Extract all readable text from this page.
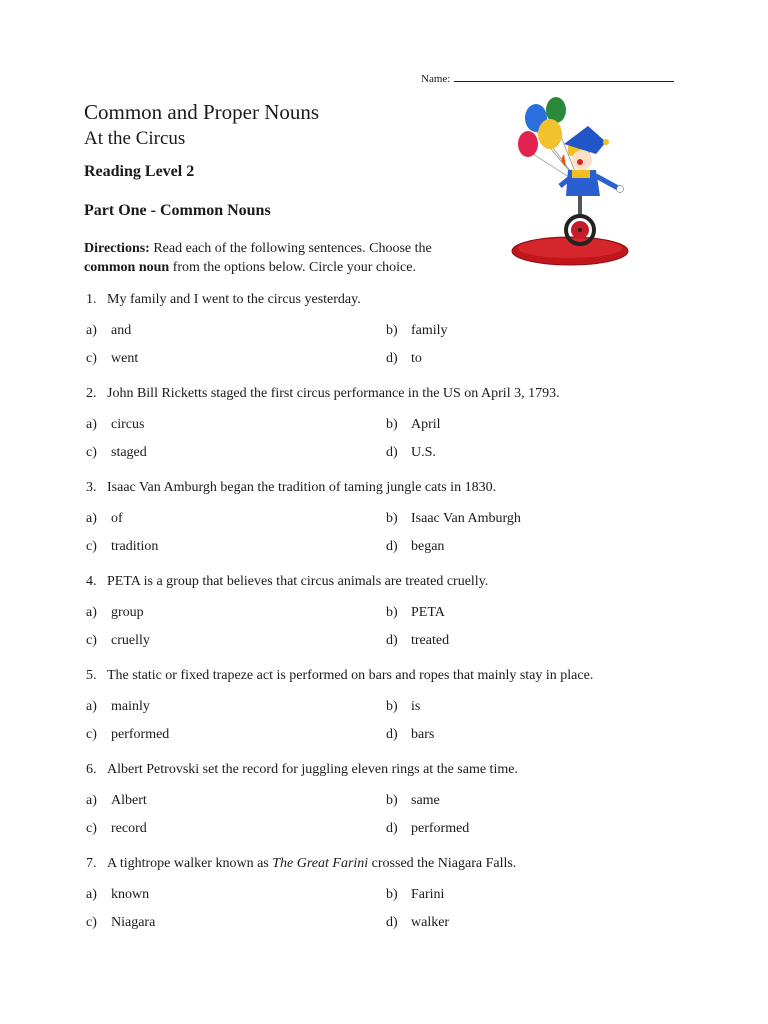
Name:
Common and Proper Nouns
At the Circus
Reading Level 2
Part One - Common Nouns
Directions: Read each of the following sentences. Choose the
common noun from the options below. Circle your choice.
1. My family and I went to the circus yesterday.
a) and	b) family
c) went	d) to
2. John Bill Ricketts staged the first circus performance in the US on April 3, 1793.
a) circus	b) April
c) staged	d) U.S.
3. Isaac Van Amburgh began the tradition of taming jungle cats in 1830.
a) of	b) Isaac Van Amburgh
c) tradition	d) began
4. PETA is a group that believes that circus animals are treated cruelly.
a) group	b) PETA
c) cruelly	d) treated
5. The static or fixed trapeze act is performed on bars and ropes that mainly stay in place.
a) mainly	b) is
c) performed	d) bars
6. Albert Petrovski set the record for juggling eleven rings at the same time.
a) Albert	b) same
c) record	d) performed
7. A tightrope walker known as The Great Farini crossed the Niagara Falls.
a) known	b) Farini
c) Niagara	d) walker
